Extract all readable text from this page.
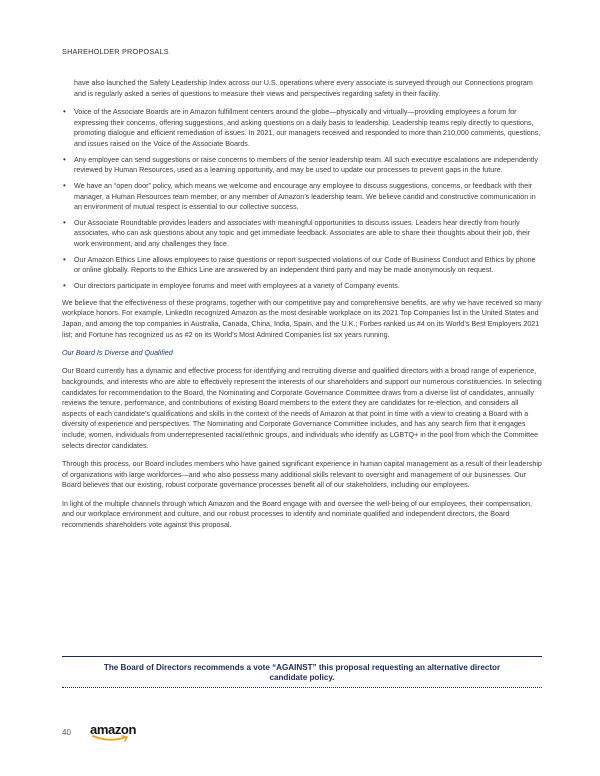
SHAREHOLDER PROPOSALS

have also launched the Safety Leadership Index across our U.S. operations where every associate is surveyed through our Connections program and is regularly asked a series of questions to measure their views and perspectives regarding safety in their facility.

• Voice of the Associate Boards are in Amazon fulfillment centers around the globe—physically and virtually—providing employees a forum for expressing their concerns, offering suggestions, and asking questions on a daily basis to leadership. Leadership teams reply directly to questions, promoting dialogue and efficient remediation of issues. In 2021, our managers received and responded to more than 210,000 comments, questions, and issues raised on the Voice of the Associate Boards.
• Any employee can send suggestions or raise concerns to members of the senior leadership team. All such executive escalations are independently reviewed by Human Resources, used as a learning opportunity, and may be used to update our processes to prevent gaps in the future.
• We have an “open door” policy, which means we welcome and encourage any employee to discuss suggestions, concerns, or feedback with their manager, a Human Resources team member, or any member of Amazon’s leadership team. We believe candid and constructive communication in an environment of mutual respect is essential to our collective success.
• Our Associate Roundtable provides leaders and associates with meaningful opportunities to discuss issues. Leaders hear directly from hourly associates, who can ask questions about any topic and get immediate feedback. Associates are able to share their thoughts about their job, their work environment, and any challenges they face.
• Our Amazon Ethics Line allows employees to raise questions or report suspected violations of our Code of Business Conduct and Ethics by phone or online globally. Reports to the Ethics Line are answered by an independent third party and may be made anonymously on request.
• Our directors participate in employee forums and meet with employees at a variety of Company events.

We believe that the effectiveness of these programs, together with our competitive pay and comprehensive benefits, are why we have received so many workplace honors. For example, LinkedIn recognized Amazon as the most desirable workplace on its 2021 Top Companies list in the United States and Japan, and among the top companies in Australia, Canada, China, India, Spain, and the U.K.; Forbes ranked us #4 on its World’s Best Employers 2021 list; and Fortune has recognized us as #2 on its World’s Most Admired Companies list six years running.

Our Board Is Diverse and Qualified

Our Board currently has a dynamic and effective process for identifying and recruiting diverse and qualified directors with a broad range of experience, backgrounds, and interests who are able to effectively represent the interests of our shareholders and support our numerous constituencies. In selecting candidates for recommendation to the Board, the Nominating and Corporate Governance Committee draws from a diverse list of candidates, annually reviews the tenure, performance, and contributions of existing Board members to the extent they are candidates for re-election, and considers all aspects of each candidate’s qualifications and skills in the context of the needs of Amazon at that point in time with a view to creating a Board with a diversity of experience and perspectives. The Nominating and Corporate Governance Committee includes, and has any search firm that it engages include, women, individuals from underrepresented racial/ethnic groups, and individuals who identify as LGBTQ+ in the pool from which the Committee selects director candidates.

Through this process, our Board includes members who have gained significant experience in human capital management as a result of their leadership of organizations with large workforces—and who also possess many additional skills relevant to oversight and management of our businesses. Our Board believes that our existing, robust corporate governance processes benefit all of our stakeholders, including our employees.

In light of the multiple channels through which Amazon and the Board engage with and oversee the well-being of our employees, their compensation, and our workplace environment and culture, and our robust processes to identify and nominate qualified and independent directors, the Board recommends shareholders vote against this proposal.

The Board of Directors recommends a vote “AGAINST” this proposal requesting an alternative director
candidate policy.
40 amazon
